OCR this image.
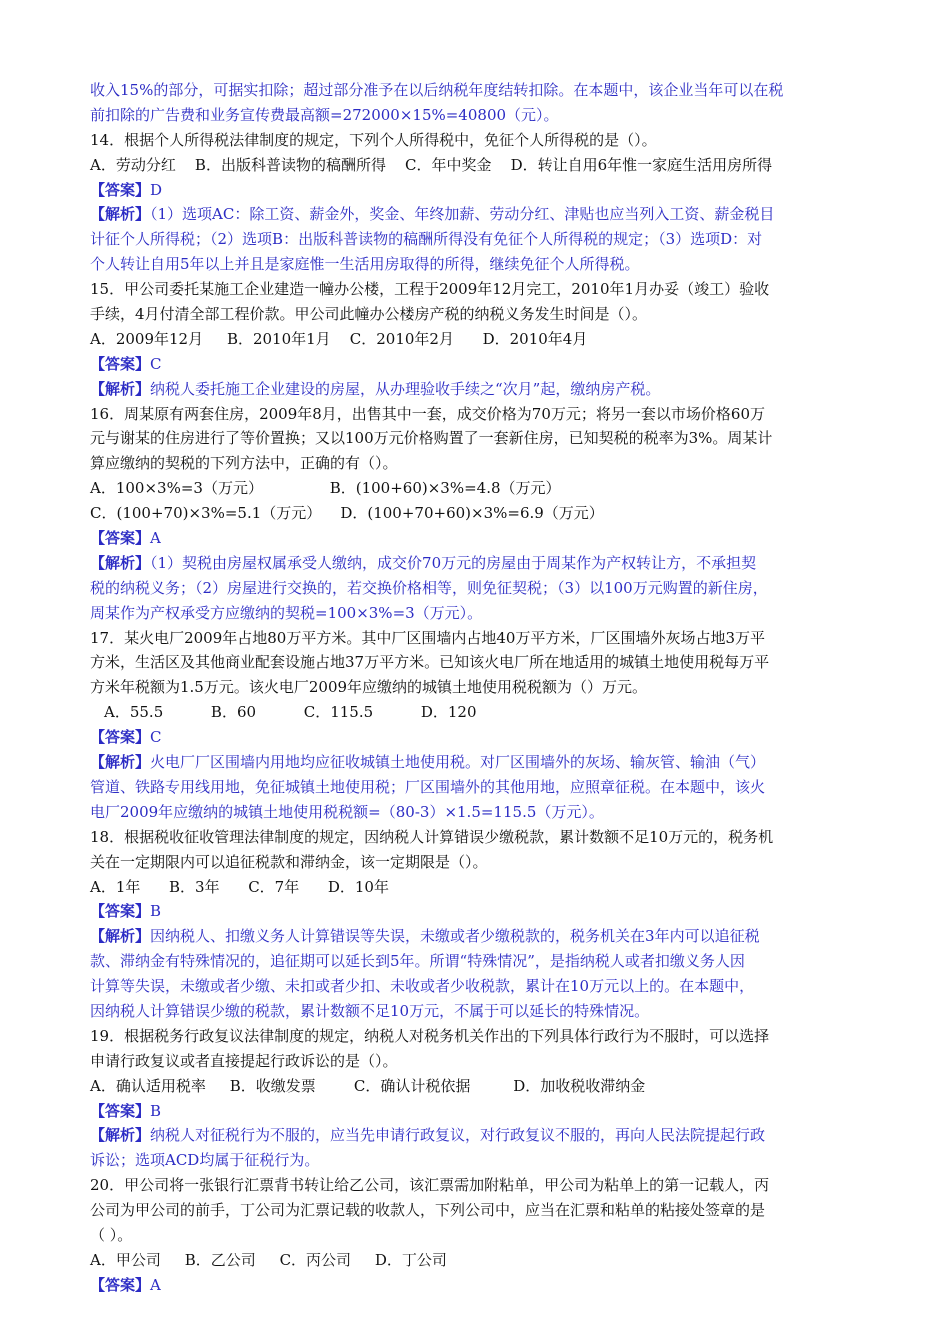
收入15%的部分，可据实扣除；超过部分准予在以后纳税年度结转扣除。在本题中，该企业当年可以在税
前扣除的广告费和业务宣传费最高额=272000×15%=40800（元）。
14．根据个人所得税法律制度的规定，下列个人所得税中，免征个人所得税的是（）。
A．劳动分红 B．出版科普读物的稿酬所得 C．年中奖金 D．转让自用6年惟一家庭生活用房所得
【答案】D
【解析】（1）选项AC：除工资、薪金外，奖金、年终加薪、劳动分红、津贴也应当列入工资、薪金税目
计征个人所得税；（2）选项B：出版科普读物的稿酬所得没有免征个人所得税的规定；（3）选项D：对
个人转让自用5年以上并且是家庭惟一生活用房取得的所得，继续免征个人所得税。
15．甲公司委托某施工企业建造一幢办公楼，工程于2009年12月完工，2010年1月办妥（竣工）验收
手续，4月付清全部工程价款。甲公司此幢办公楼房产税的纳税义务发生时间是（）。
A．2009年12月 B．2010年1月 C．2010年2月 D．2010年4月
【答案】C
【解析】纳税人委托施工企业建设的房屋，从办理验收手续之“次月”起，缴纳房产税。
16．周某原有两套住房，2009年8月，出售其中一套，成交价格为70万元；将另一套以市场价格60万
元与谢某的住房进行了等价置换；又以100万元价格购置了一套新住房，已知契税的税率为3%。周某计
算应缴纳的契税的下列方法中，正确的有（）。
A．100×3%=3（万元）	B．(100+60)×3%=4.8（万元）
C．(100+70)×3%=5.1（万元） D．(100+70+60)×3%=6.9（万元）
【答案】A
【解析】（1）契税由房屋权属承受人缴纳，成交价70万元的房屋由于周某作为产权转让方，不承担契
税的纳税义务；（2）房屋进行交换的，若交换价格相等，则免征契税；（3）以100万元购置的新住房，
周某作为产权承受方应缴纳的契税=100×3%=3（万元）。
17．某火电厂2009年占地80万平方米。其中厂区围墙内占地40万平方米，厂区围墙外灰场占地3万平
方米，生活区及其他商业配套设施占地37万平方米。已知该火电厂所在地适用的城镇土地使用税每万平
方米年税额为1.5万元。该火电厂2009年应缴纳的城镇土地使用税税额为（）万元。
A．55.5	B．60	C．115.5	D．120
【答案】C
【解析】火电厂厂区围墙内用地均应征收城镇土地使用税。对厂区围墙外的灰场、输灰管、输油（气）
管道、铁路专用线用地，免征城镇土地使用税；厂区围墙外的其他用地，应照章征税。在本题中，该火
电厂2009年应缴纳的城镇土地使用税税额=（80-3）×1.5=115.5（万元）。
18．根据税收征收管理法律制度的规定，因纳税人计算错误少缴税款，累计数额不足10万元的，税务机
关在一定期限内可以追征税款和滞纳金，该一定期限是（）。
A．1年 B．3年 C．7年 D．10年
【答案】B
【解析】因纳税人、扣缴义务人计算错误等失误，未缴或者少缴税款的，税务机关在3年内可以追征税
款、滞纳金有特殊情况的，追征期可以延长到5年。所谓“特殊情况”，是指纳税人或者扣缴义务人因
计算等失误，未缴或者少缴、未扣或者少扣、未收或者少收税款，累计在10万元以上的。在本题中，
因纳税人计算错误少缴的税款，累计数额不足10万元，不属于可以延长的特殊情况。
19．根据税务行政复议法律制度的规定，纳税人对税务机关作出的下列具体行政行为不服时，可以选择
申请行政复议或者直接提起行政诉讼的是（）。
A．确认适用税率 B．收缴发票	C．确认计税依据	D．加收税收滞纳金
【答案】B
【解析】纳税人对征税行为不服的，应当先申请行政复议，对行政复议不服的，再向人民法院提起行政
诉讼；选项ACD均属于征税行为。
20．甲公司将一张银行汇票背书转让给乙公司，该汇票需加附粘单，甲公司为粘单上的第一记载人，丙
公司为甲公司的前手，丁公司为汇票记载的收款人，下列公司中，应当在汇票和粘单的粘接处签章的是
（ ）。
A．甲公司 B．乙公司 C．丙公司 D．丁公司
【答案】A
